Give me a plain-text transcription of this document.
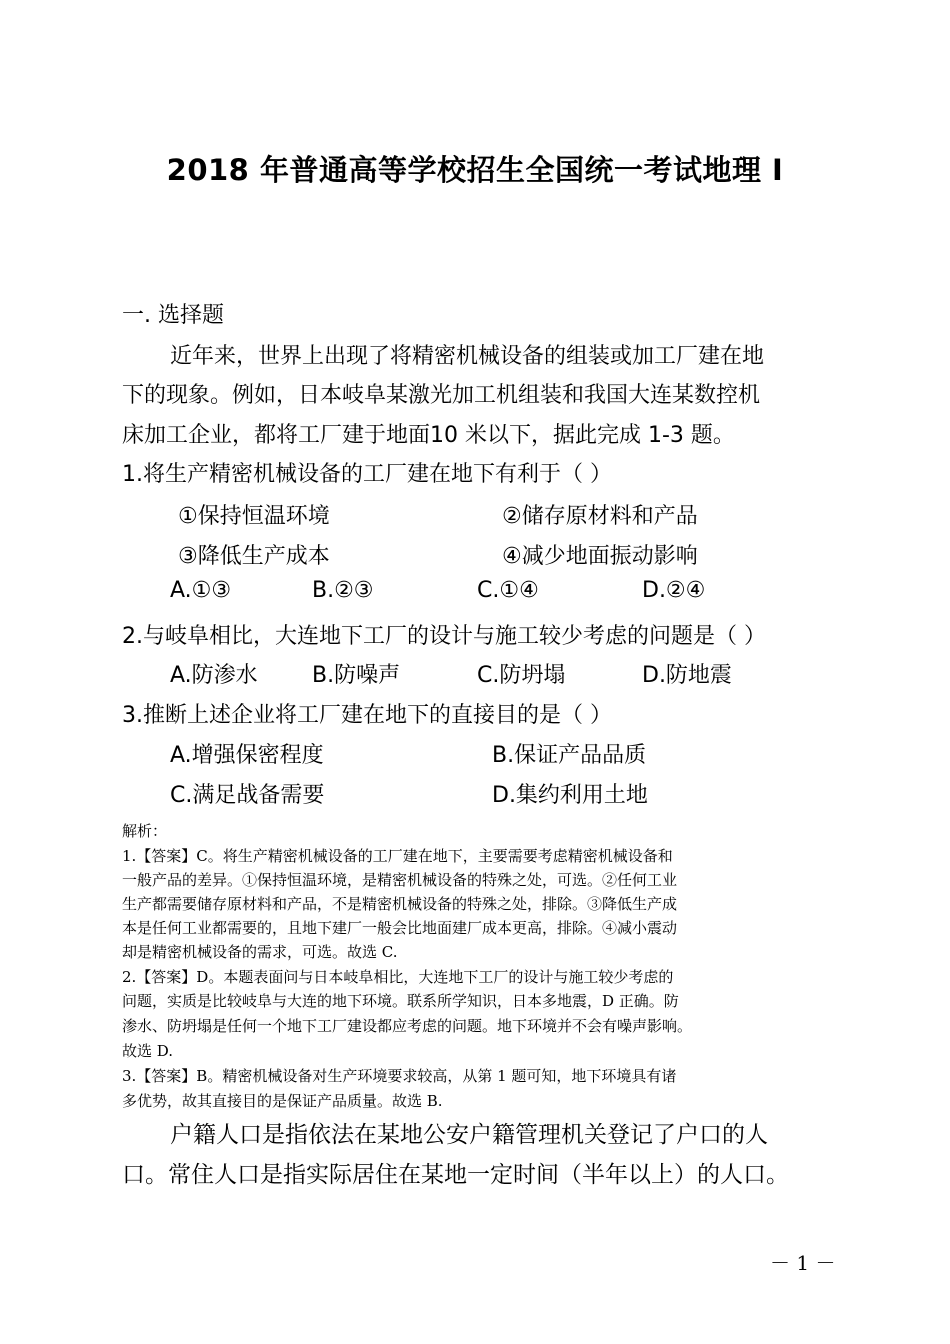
2018 年普通高等学校招生全国统一考试地理 I
一. 选择题
近年来，世界上出现了将精密机械设备的组装或加工厂建在地
下的现象。例如，日本岐阜某激光加工机组装和我国大连某数控机
床加工企业，都将工厂建于地面10 米以下，据此完成 1-3 题。
1.将生产精密机械设备的工厂建在地下有利于（ ）
①保持恒温环境	②储存原材料和产品
③降低生产成本	④减少地面振动影响
A.①③	B.②③	C.①④	D.②④
2.与岐阜相比，大连地下工厂的设计与施工较少考虑的问题是（ ）
A.防渗水 B.防噪声	C.防坍塌	D.防地震
3.推断上述企业将工厂建在地下的直接目的是（ ）
A.增强保密程度	B.保证产品品质
C.满足战备需要	D.集约利用土地
解析：
1.【答案】C。将生产精密机械设备的工厂建在地下，主要需要考虑精密机械设备和
一般产品的差异。①保持恒温环境，是精密机械设备的特殊之处，可选。②任何工业
生产都需要储存原材料和产品，不是精密机械设备的特殊之处，排除。③降低生产成
本是任何工业都需要的，且地下建厂一般会比地面建厂成本更高，排除。④减小震动
却是精密机械设备的需求，可选。故选 C.
2.【答案】D。本题表面问与日本岐阜相比，大连地下工厂的设计与施工较少考虑的
问题，实质是比较岐阜与大连的地下环境。联系所学知识，日本多地震，D 正确。防
渗水、防坍塌是任何一个地下工厂建设都应考虑的问题。地下环境并不会有噪声影响。
故选 D.
3.【答案】B。精密机械设备对生产环境要求较高，从第 1 题可知，地下环境具有诸
多优势，故其直接目的是保证产品质量。故选 B.
户籍人口是指依法在某地公安户籍管理机关登记了户口的人
口。常住人口是指实际居住在某地一定时间（半年以上）的人口。
－ 1 －
